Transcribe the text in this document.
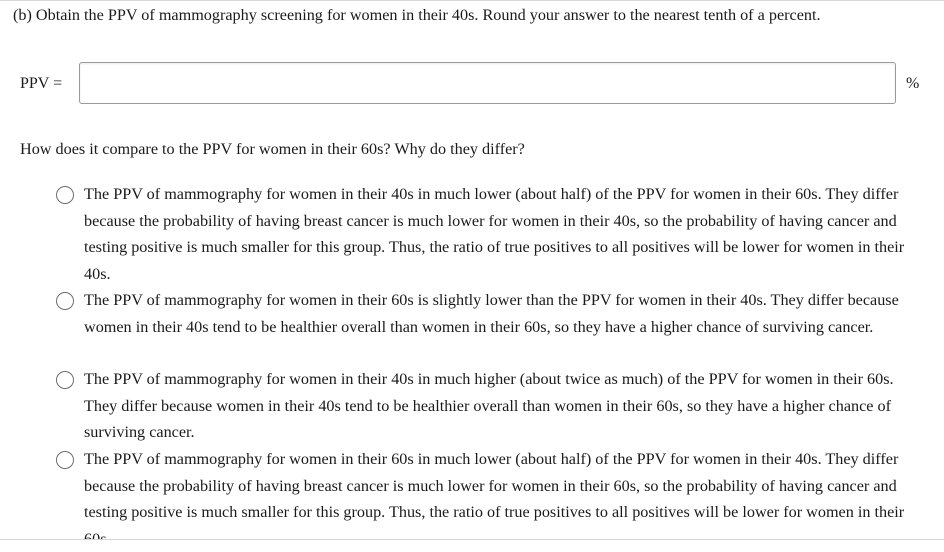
(b) Obtain the PPV of mammography screening for women in their 40s. Round your answer to the nearest tenth of a percent.
PPV =	%
How does it compare to the PPV for women in their 60s? Why do they differ?
The PPV of mammography for women in their 40s in much lower (about half) of the PPV for women in their 60s. They differ because the probability of having breast cancer is much lower for women in their 40s, so the probability of having cancer and testing positive is much smaller for this group. Thus, the ratio of true positives to all positives will be lower for women in their 40s.
The PPV of mammography for women in their 60s is slightly lower than the PPV for women in their 40s. They differ because women in their 40s tend to be healthier overall than women in their 60s, so they have a higher chance of surviving cancer.
The PPV of mammography for women in their 40s in much higher (about twice as much) of the PPV for women in their 60s. They differ because women in their 40s tend to be healthier overall than women in their 60s, so they have a higher chance of surviving cancer.
The PPV of mammography for women in their 60s in much lower (about half) of the PPV for women in their 40s. They differ because the probability of having breast cancer is much lower for women in their 60s, so the probability of having cancer and testing positive is much smaller for this group. Thus, the ratio of true positives to all positives will be lower for women in their
